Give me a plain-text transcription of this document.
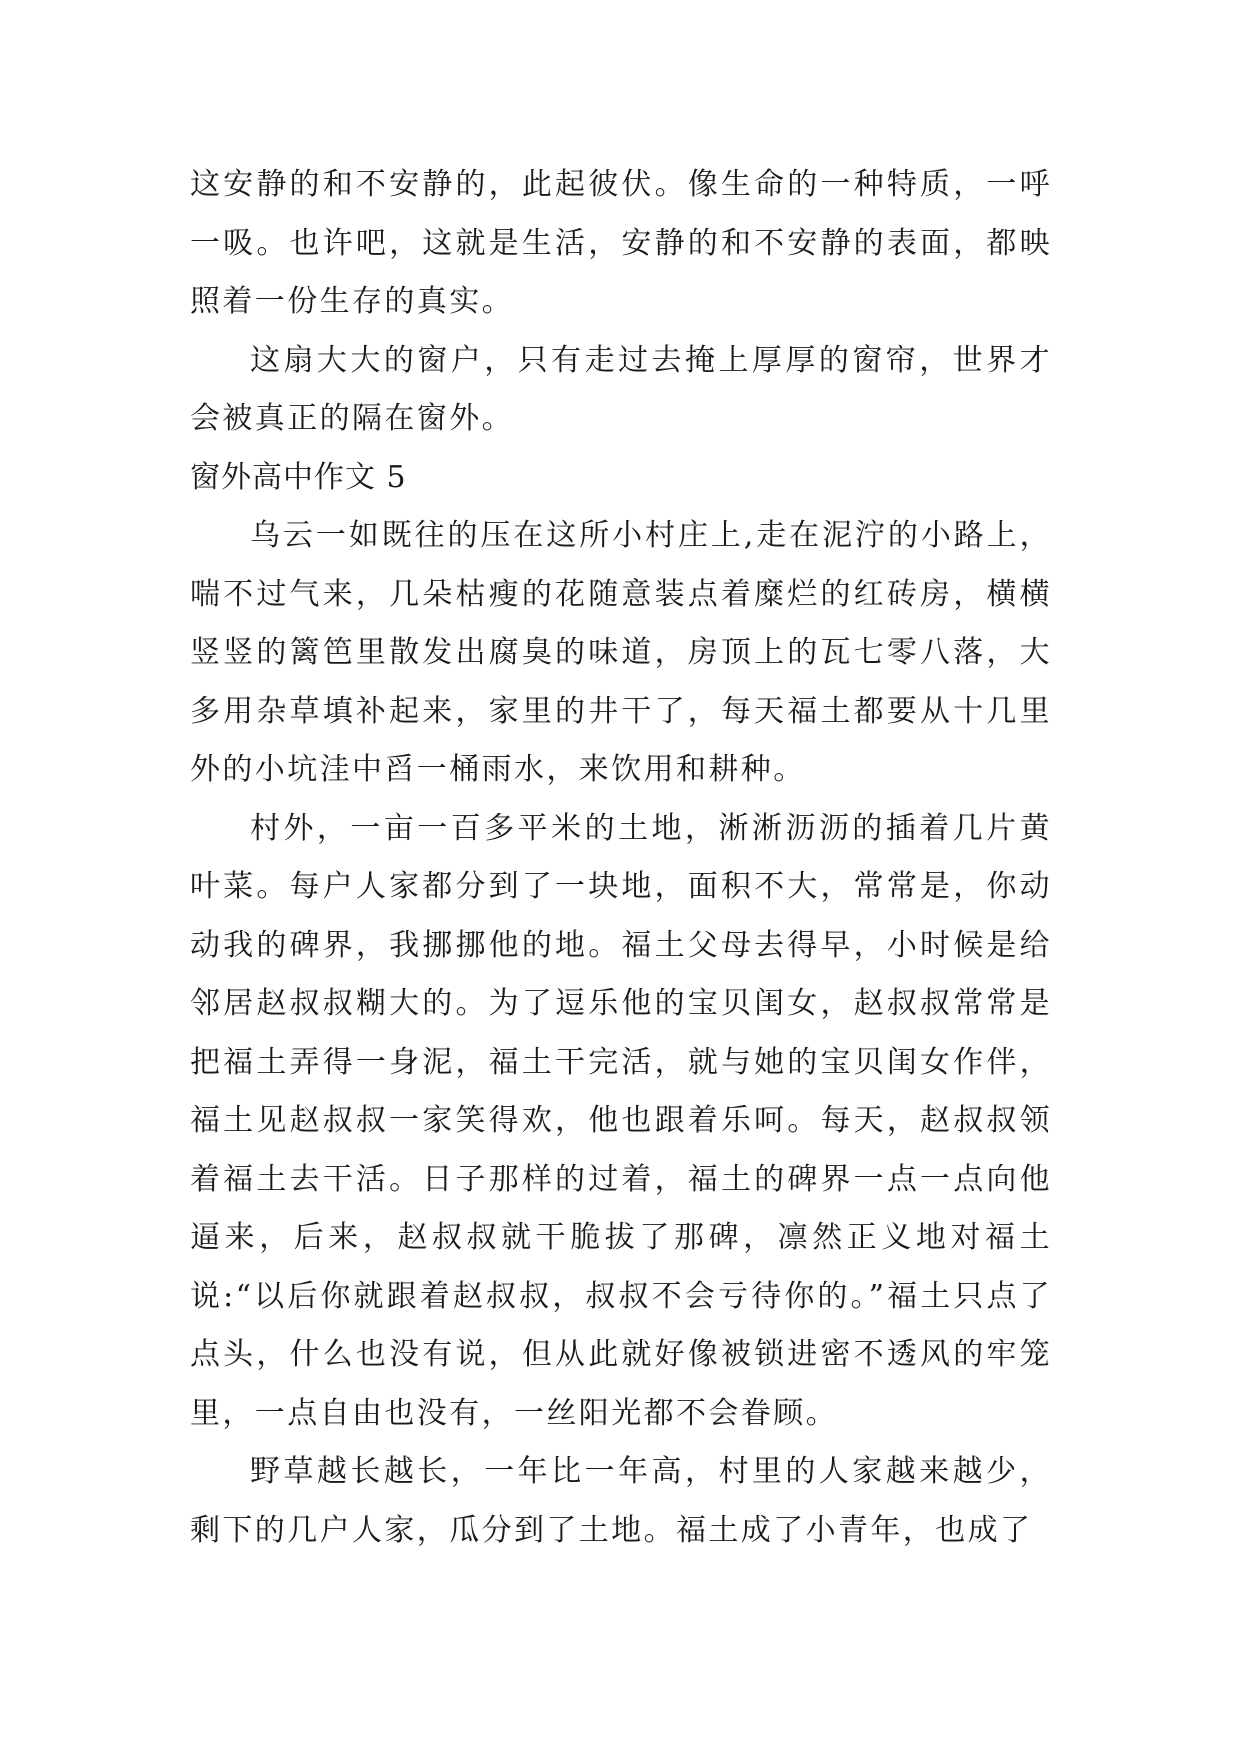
这安静的和不安静的，此起彼伏。像生命的一种特质，一呼一吸。也许吧，这就是生活，安静的和不安静的表面，都映照着一份生存的真实。

这扇大大的窗户，只有走过去掩上厚厚的窗帘，世界才会被真正的隔在窗外。

窗外高中作文 5

乌云一如既往的压在这所小村庄上,走在泥泞的小路上，喘不过气来，几朵枯瘦的花随意装点着糜烂的红砖房，横横竖竖的篱笆里散发出腐臭的味道，房顶上的瓦七零八落，大多用杂草填补起来，家里的井干了，每天福土都要从十几里外的小坑洼中舀一桶雨水，来饮用和耕种。

村外，一亩一百多平米的土地，淅淅沥沥的插着几片黄叶菜。每户人家都分到了一块地，面积不大，常常是，你动动我的碑界，我挪挪他的地。福土父母去得早，小时候是给邻居赵叔叔糊大的。为了逗乐他的宝贝闺女，赵叔叔常常是把福土弄得一身泥，福土干完活，就与她的宝贝闺女作伴，福土见赵叔叔一家笑得欢，他也跟着乐呵。每天，赵叔叔领着福土去干活。日子那样的过着，福土的碑界一点一点向他逼来，后来，赵叔叔就干脆拔了那碑，凛然正义地对福土说:“以后你就跟着赵叔叔，叔叔不会亏待你的。”福土只点了点头，什么也没有说，但从此就好像被锁进密不透风的牢笼里，一点自由也没有，一丝阳光都不会眷顾。

野草越长越长，一年比一年高，村里的人家越来越少，剩下的几户人家，瓜分到了土地。福土成了小青年，也成了
